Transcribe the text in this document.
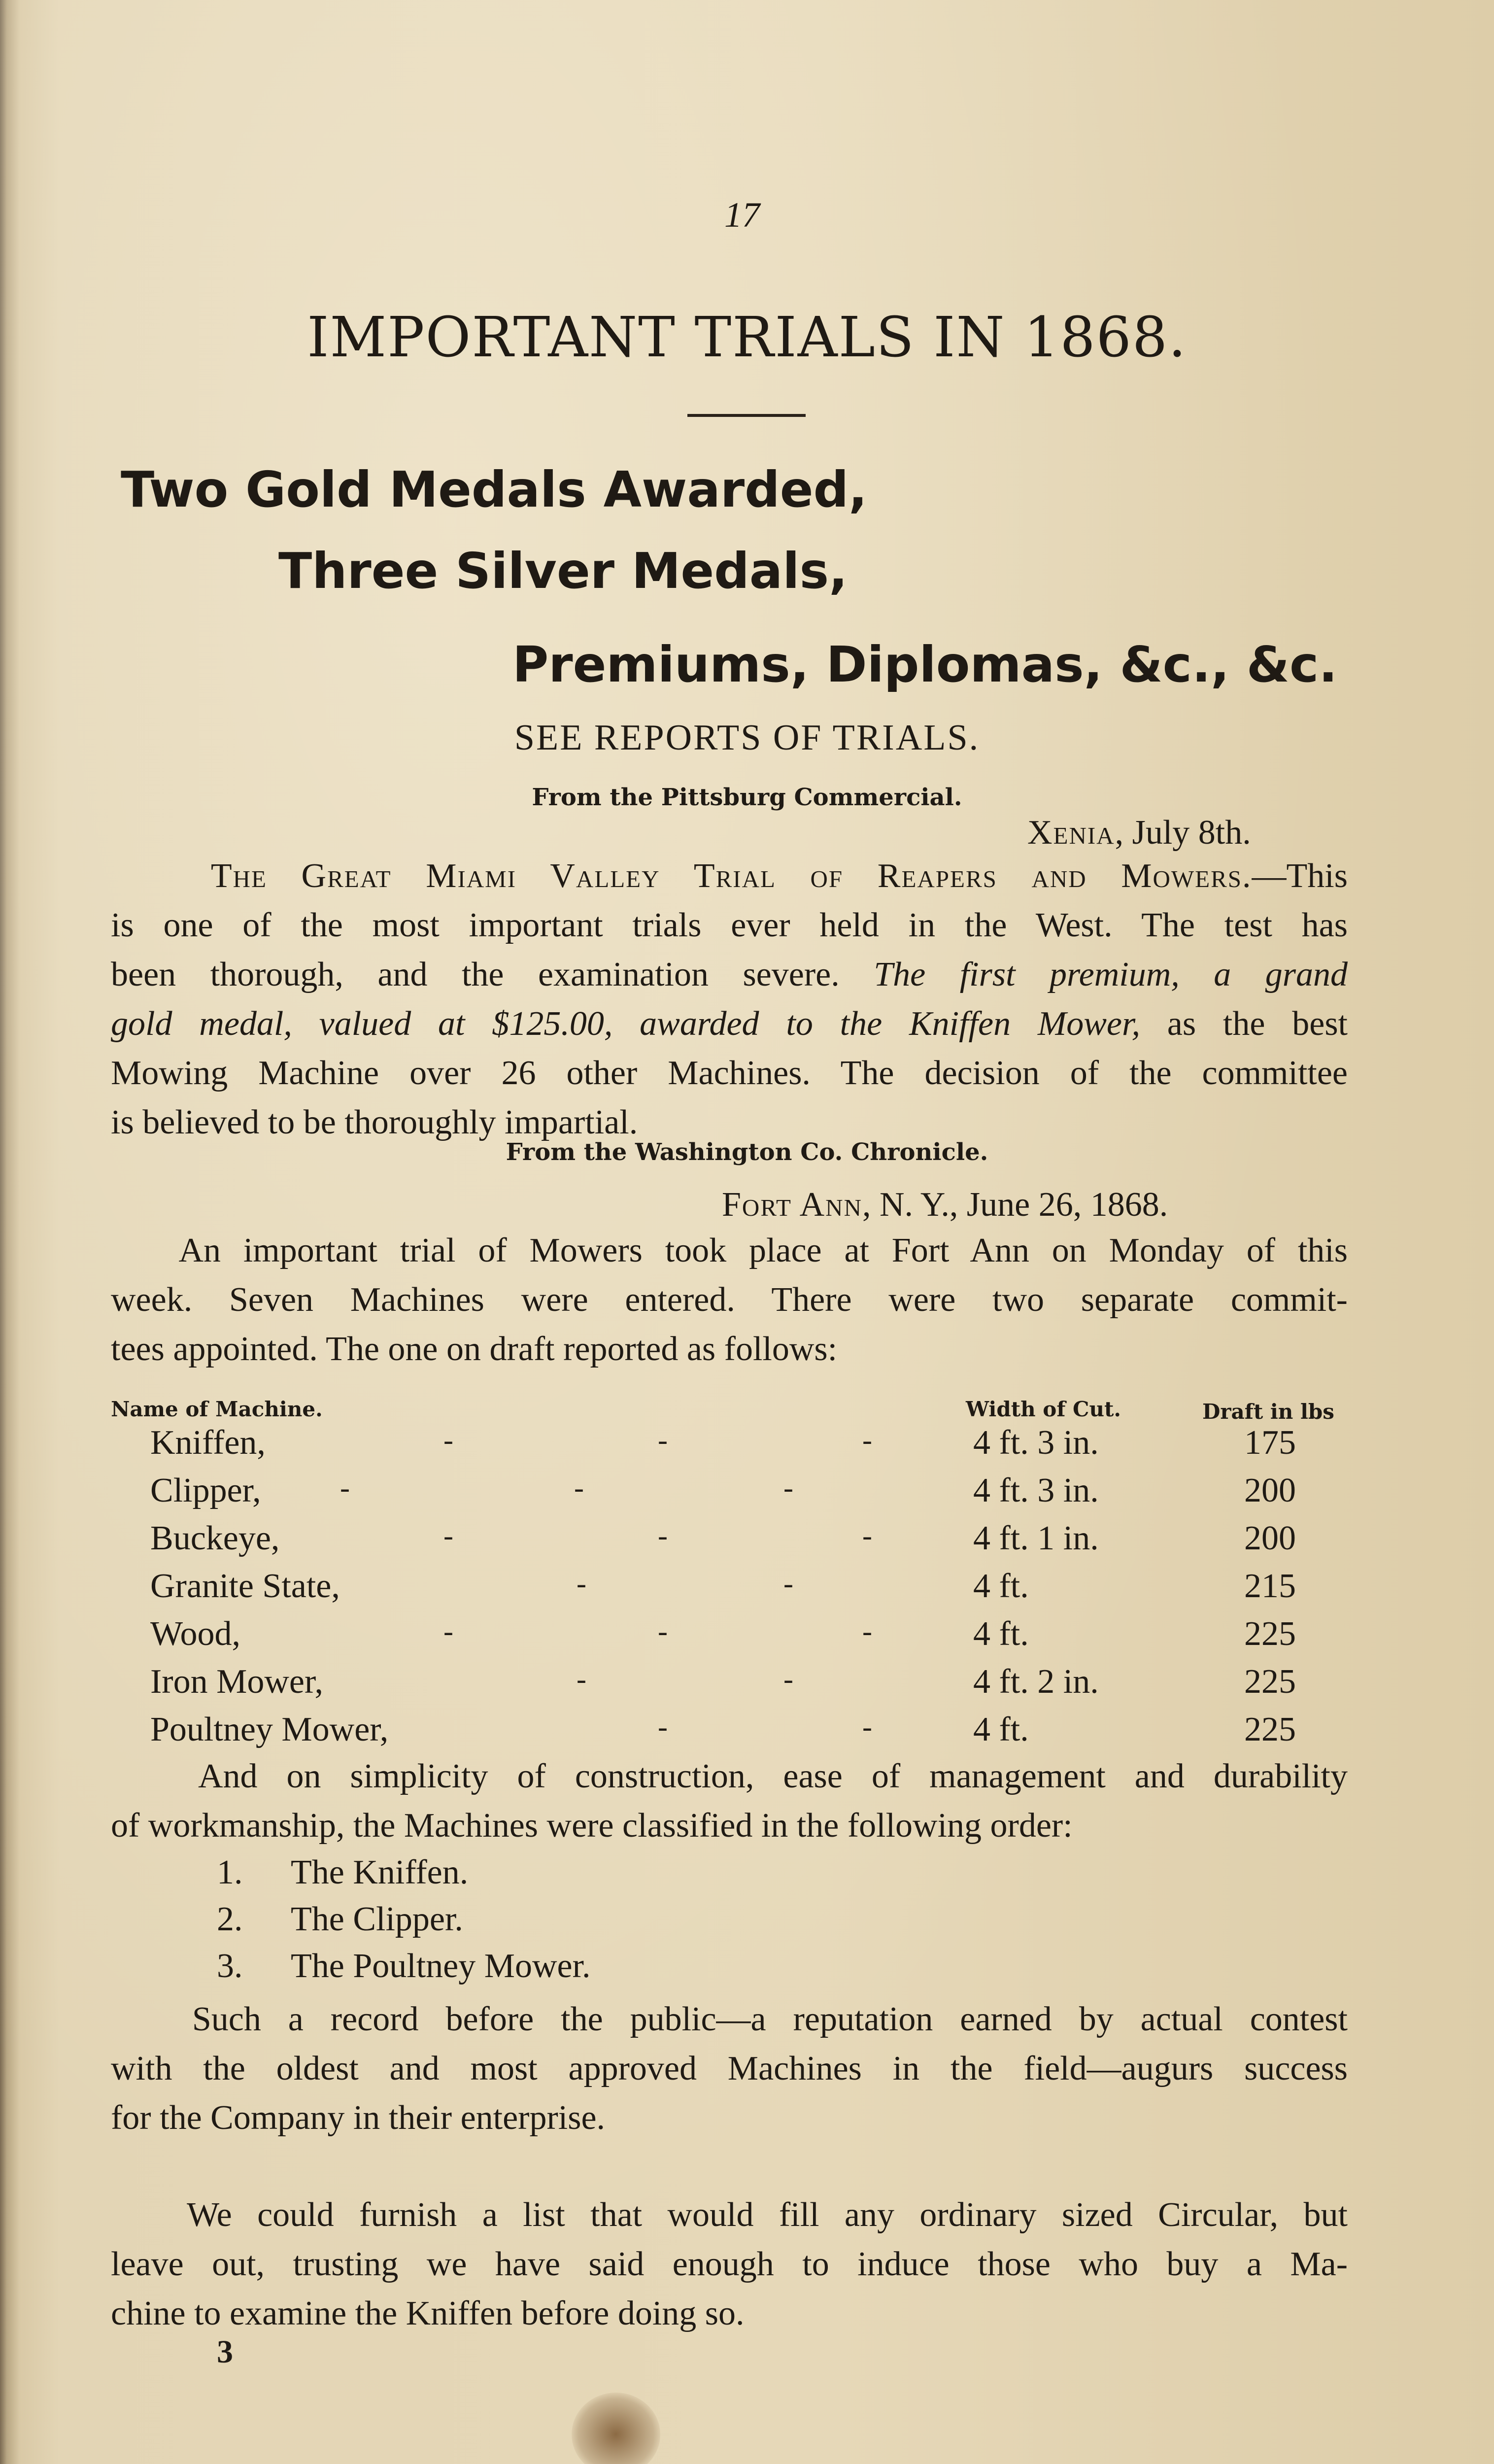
17
IMPORTANT TRIALS IN 1868.
Two Gold Medals Awarded,
Three Silver Medals,
Premiums, Diplomas, &c., &c.
SEE REPORTS OF TRIALS.
From the Pittsburg Commercial.
Xenia, July 8th.
The Great Miami Valley Trial of Reapers and Mowers.—This
is one of the most important trials ever held in the West. The test has
been thorough, and the examination severe. The first premium, a grand
gold medal, valued at $125.00, awarded to the Kniffen Mower, as the best
Mowing Machine over 26 other Machines. The decision of the committee
is believed to be thoroughly impartial.
From the Washington Co. Chronicle.
Fort Ann, N. Y., June 26, 1868.
An important trial of Mowers took place at Fort Ann on Monday of this
week. Seven Machines were entered. There were two separate commit-
tees appointed. The one on draft reported as follows:
Name of Machine.	Width of Cut.	Draft in lbs
Kniffen,	-	-	-	4 ft. 3 in.	175
Clipper,	-	-	-	4 ft. 3 in.	200
Buckeye,	-	-	-	4 ft. 1 in.	200
Granite State,	-	-	4 ft.	215
Wood,	-	-	-	4 ft.	225
Iron Mower,	-	-	4 ft. 2 in.	225
Poultney Mower,	-	-	4 ft.	225
And on simplicity of construction, ease of management and durability
of workmanship, the Machines were classified in the following order:
1. The Kniffen.
2. The Clipper.
3. The Poultney Mower.
Such a record before the public—a reputation earned by actual contest
with the oldest and most approved Machines in the field—augurs success
for the Company in their enterprise.
We could furnish a list that would fill any ordinary sized Circular, but
leave out, trusting we have said enough to induce those who buy a Ma-
chine to examine the Kniffen before doing so.
3
